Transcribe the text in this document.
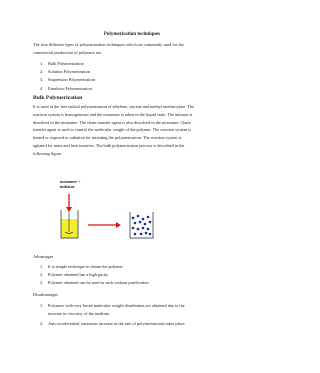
Polymerisation techniques
The four different types of polymerization techniques which are commonly used for the
commercial production of polymers are
1. Bulk Polymerization
2. Solution Polymerization
3. Suspension Polymerization
4. Emulsion Polymerization
Bulk Polymerization
It is used in the free radical polymerization of ethylene, styrene and methyl methacrylate. The
reaction system is homogeneous and the monomer is taken in the liquid state. The initiator is
dissolved in the monomer. The chain transfer agent is also dissolved in the monomer. Chain
transfer agent is used to control the molecular weight of the polymer. The reaction system is
heated or exposed to radiation for initiating the polymerization. The reaction system is
agitated for mass and heat transfers. The bulk polymerization process is described in the
following figure.
monomer +
initiator
Advantages
1. It is simple technique to obtain the polymer
2. Polymer obtained has a high purity
3. Polymer obtained can be used as such without purification.
Disadvantages
1. Polymers with very broad molecular weight distribution are obtained due to the
increase in viscosity of the medium.
2. Auto acceleration( enormous increase in the rate of polymerization) takes place.
